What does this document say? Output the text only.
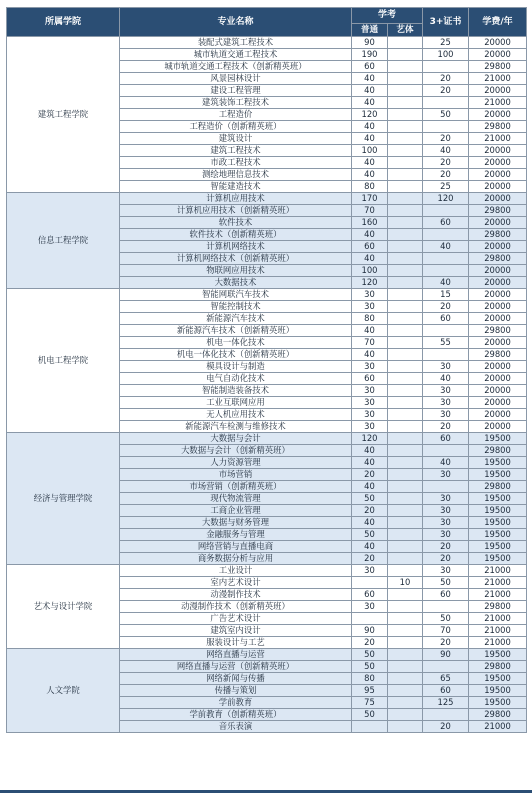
所属学院	专业名称	学考		3+证书	学费/年
		普通	艺体		
建筑工程学院	装配式建筑工程技术	90		25	20000
	城市轨道交通工程技术	190		100	20000
	城市轨道交通工程技术（创新精英班）	60			29800
	风景园林设计	40		20	21000
	建设工程管理	40		20	20000
	建筑装饰工程技术	40			21000
	工程造价	120		50	20000
	工程造价（创新精英班）	40			29800
	建筑设计	40		20	21000
	建筑工程技术	100		40	20000
	市政工程技术	40		20	20000
	测绘地理信息技术	40		20	20000
	智能建造技术	80		25	20000
信息工程学院	计算机应用技术	170		120	20000
	计算机应用技术（创新精英班）	70			29800
	软件技术	160		60	20000
	软件技术（创新精英班）	40			29800
	计算机网络技术	60		40	20000
	计算机网络技术（创新精英班）	40			29800
	物联网应用技术	100			20000
	大数据技术	120		40	20000
机电工程学院	智能网联汽车技术	30		15	20000
	智能控制技术	30		20	20000
	新能源汽车技术	80		60	20000
	新能源汽车技术（创新精英班）	40			29800
	机电一体化技术	70		55	20000
	机电一体化技术（创新精英班）	40			29800
	模具设计与制造	30		30	20000
	电气自动化技术	60		40	20000
	智能制造装备技术	30		30	20000
	工业互联网应用	30		30	20000
	无人机应用技术	30		30	20000
	新能源汽车检测与维修技术	30		20	20000
经济与管理学院	大数据与会计	120		60	19500
	大数据与会计（创新精英班）	40			29800
	人力资源管理	40		40	19500
	市场营销	20		30	19500
	市场营销（创新精英班）	40			29800
	现代物流管理	50		30	19500
	工商企业管理	20		30	19500
	大数据与财务管理	40		30	19500
	金融服务与管理	50		30	19500
	网络营销与直播电商	40		20	19500
	商务数据分析与应用	20		20	19500
艺术与设计学院	工业设计	30		30	21000
	室内艺术设计		10	50	21000
	动漫制作技术	60		60	21000
	动漫制作技术（创新精英班）	30			29800
	广告艺术设计			50	21000
	建筑室内设计	90		70	21000
	服装设计与工艺	20		20	21000
人文学院	网络直播与运营	50		90	19500
	网络直播与运营（创新精英班）	50			29800
	网络新闻与传播	80		65	19500
	传播与策划	95		60	19500
	学前教育	75		125	19500
	学前教育（创新精英班）	50			29800
	音乐表演			20	21000
